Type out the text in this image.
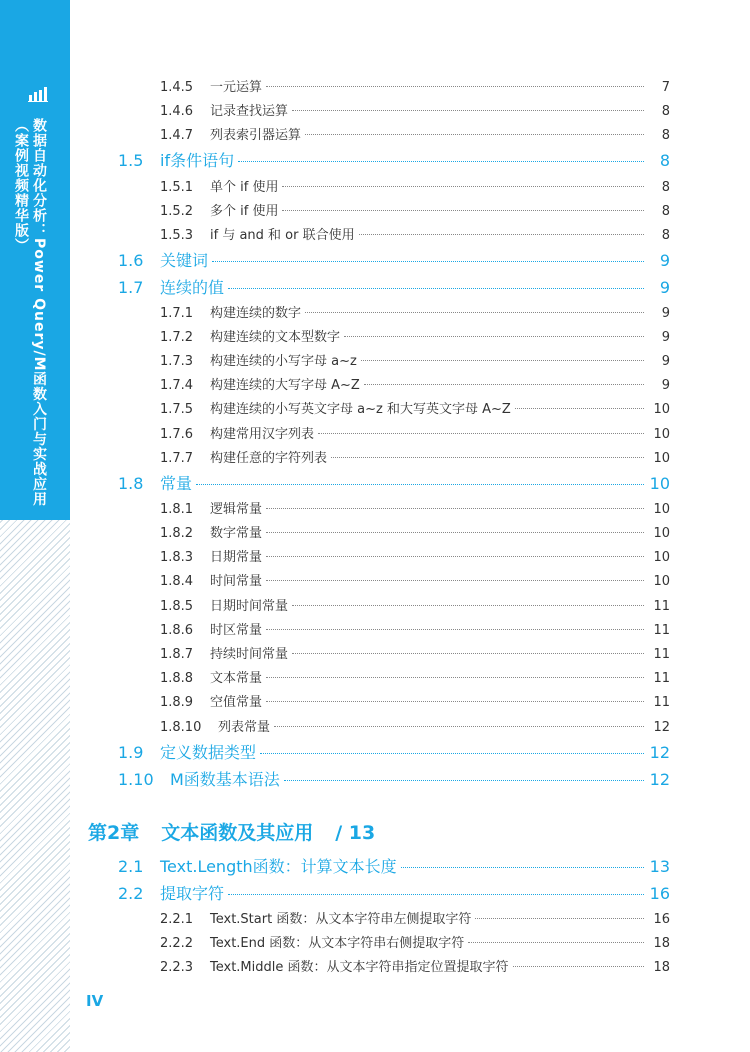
数据自动化分析：Power Query/M函数入门与实战应用
（案例视频精华版）
1.4.5	一元运算	7
1.4.6	记录查找运算	8
1.4.7	列表索引器运算	8
1.5	if条件语句	8
1.5.1	单个 if 使用	8
1.5.2	多个 if 使用	8
1.5.3	if 与 and 和 or 联合使用	8
1.6	关键词	9
1.7	连续的值	9
1.7.1	构建连续的数字	9
1.7.2	构建连续的文本型数字	9
1.7.3	构建连续的小写字母 a~z	9
1.7.4	构建连续的大写字母 A~Z	9
1.7.5	构建连续的小写英文字母 a~z 和大写英文字母 A~Z	10
1.7.6	构建常用汉字列表	10
1.7.7	构建任意的字符列表	10
1.8	常量	10
1.8.1	逻辑常量	10
1.8.2	数字常量	10
1.8.3	日期常量	10
1.8.4	时间常量	10
1.8.5	日期时间常量	11
1.8.6	时区常量	11
1.8.7	持续时间常量	11
1.8.8	文本常量	11
1.8.9	空值常量	11
1.8.10	列表常量	12
1.9	定义数据类型	12
1.10	M函数基本语法	12
第2章 文本函数及其应用 / 13
2.1	Text.Length函数：计算文本长度	13
2.2	提取字符	16
2.2.1	Text.Start 函数：从文本字符串左侧提取字符	16
2.2.2	Text.End 函数：从文本字符串右侧提取字符	18
2.2.3	Text.Middle 函数：从文本字符串指定位置提取字符	18
IV
